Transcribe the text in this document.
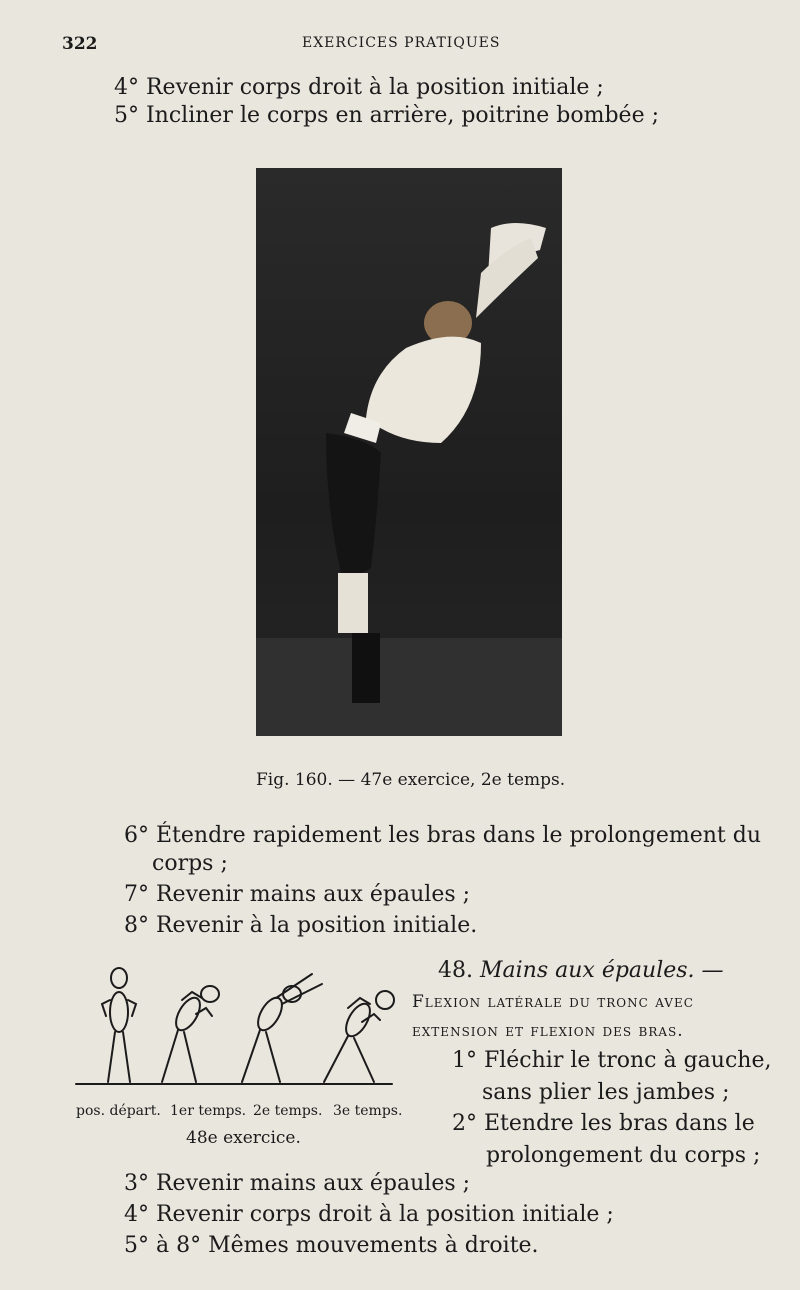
322	EXERCICES PRATIQUES
4° Revenir corps droit à la position initiale ;
5° Incliner le corps en arrière, poitrine bombée ;
Fig. 160. — 47e exercice, 2e temps.
6° Étendre rapidement les bras dans le prolongement du
corps ;
7° Revenir mains aux épaules ;
8° Revenir à la position initiale.
48. Mains aux épaules. —
Flexion latérale du tronc avec
extension et flexion des bras.
1° Fléchir le tronc à gauche,
sans plier les jambes ;
2° Etendre les bras dans le
prolongement du corps ;
pos. départ. 1er temps. 2e temps. 3e temps.
48e exercice.
3° Revenir mains aux épaules ;
4° Revenir corps droit à la position initiale ;
5° à 8° Mêmes mouvements à droite.
